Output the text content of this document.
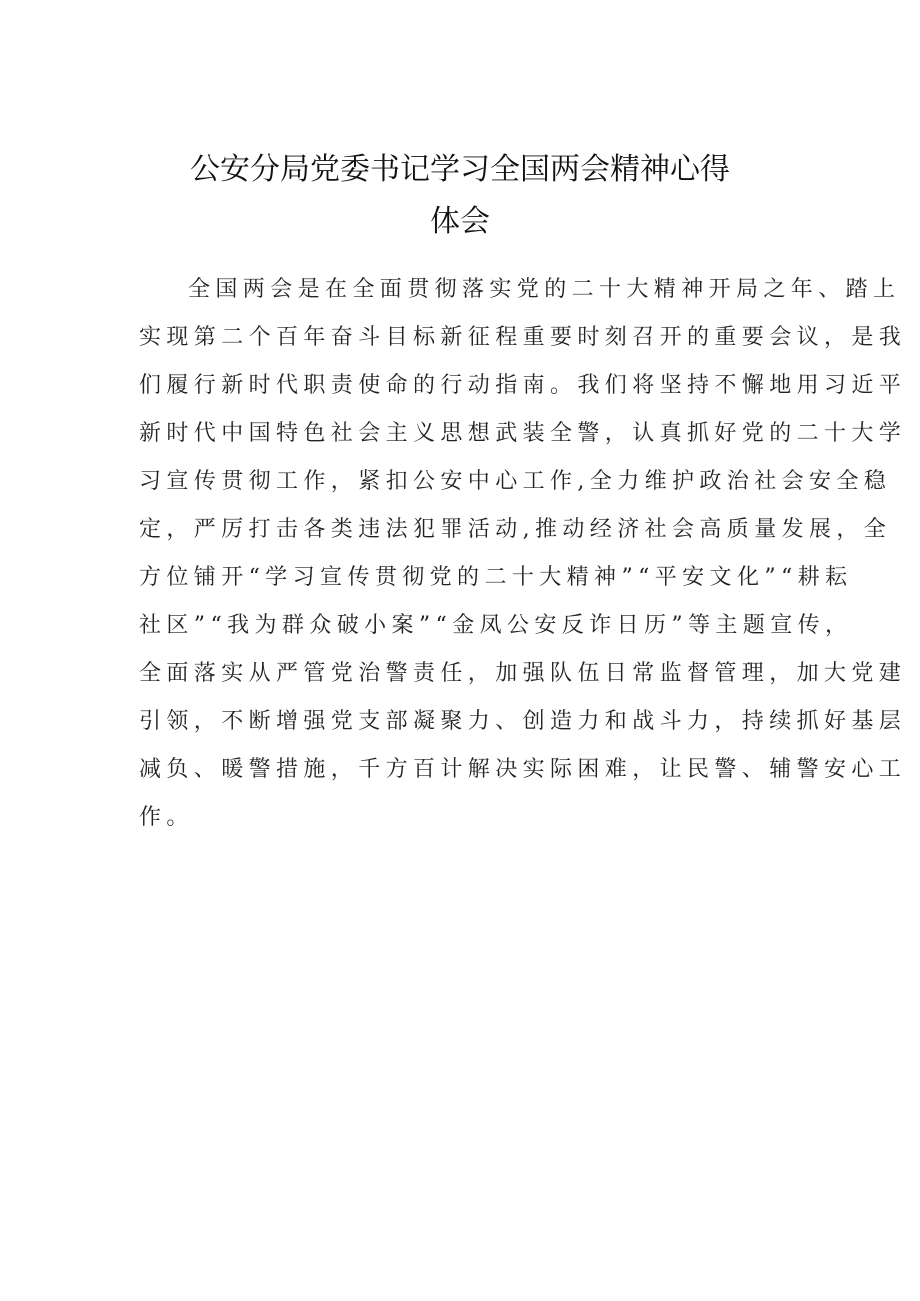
公安分局党委书记学习全国两会精神心得
体会
全国两会是在全面贯彻落实党的二十大精神开局之年、踏上
实现第二个百年奋斗目标新征程重要时刻召开的重要会议，是我
们履行新时代职责使命的行动指南。我们将坚持不懈地用习近平
新时代中国特色社会主义思想武装全警，认真抓好党的二十大学
习宣传贯彻工作，紧扣公安中心工作,全力维护政治社会安全稳
定，严厉打击各类违法犯罪活动,推动经济社会高质量发展，全
方位铺开“学习宣传贯彻党的二十大精神”“平安文化”“耕耘
社区”“我为群众破小案”“金凤公安反诈日历”等主题宣传，
全面落实从严管党治警责任，加强队伍日常监督管理，加大党建
引领，不断增强党支部凝聚力、创造力和战斗力，持续抓好基层
减负、暖警措施，千方百计解决实际困难，让民警、辅警安心工
作。
